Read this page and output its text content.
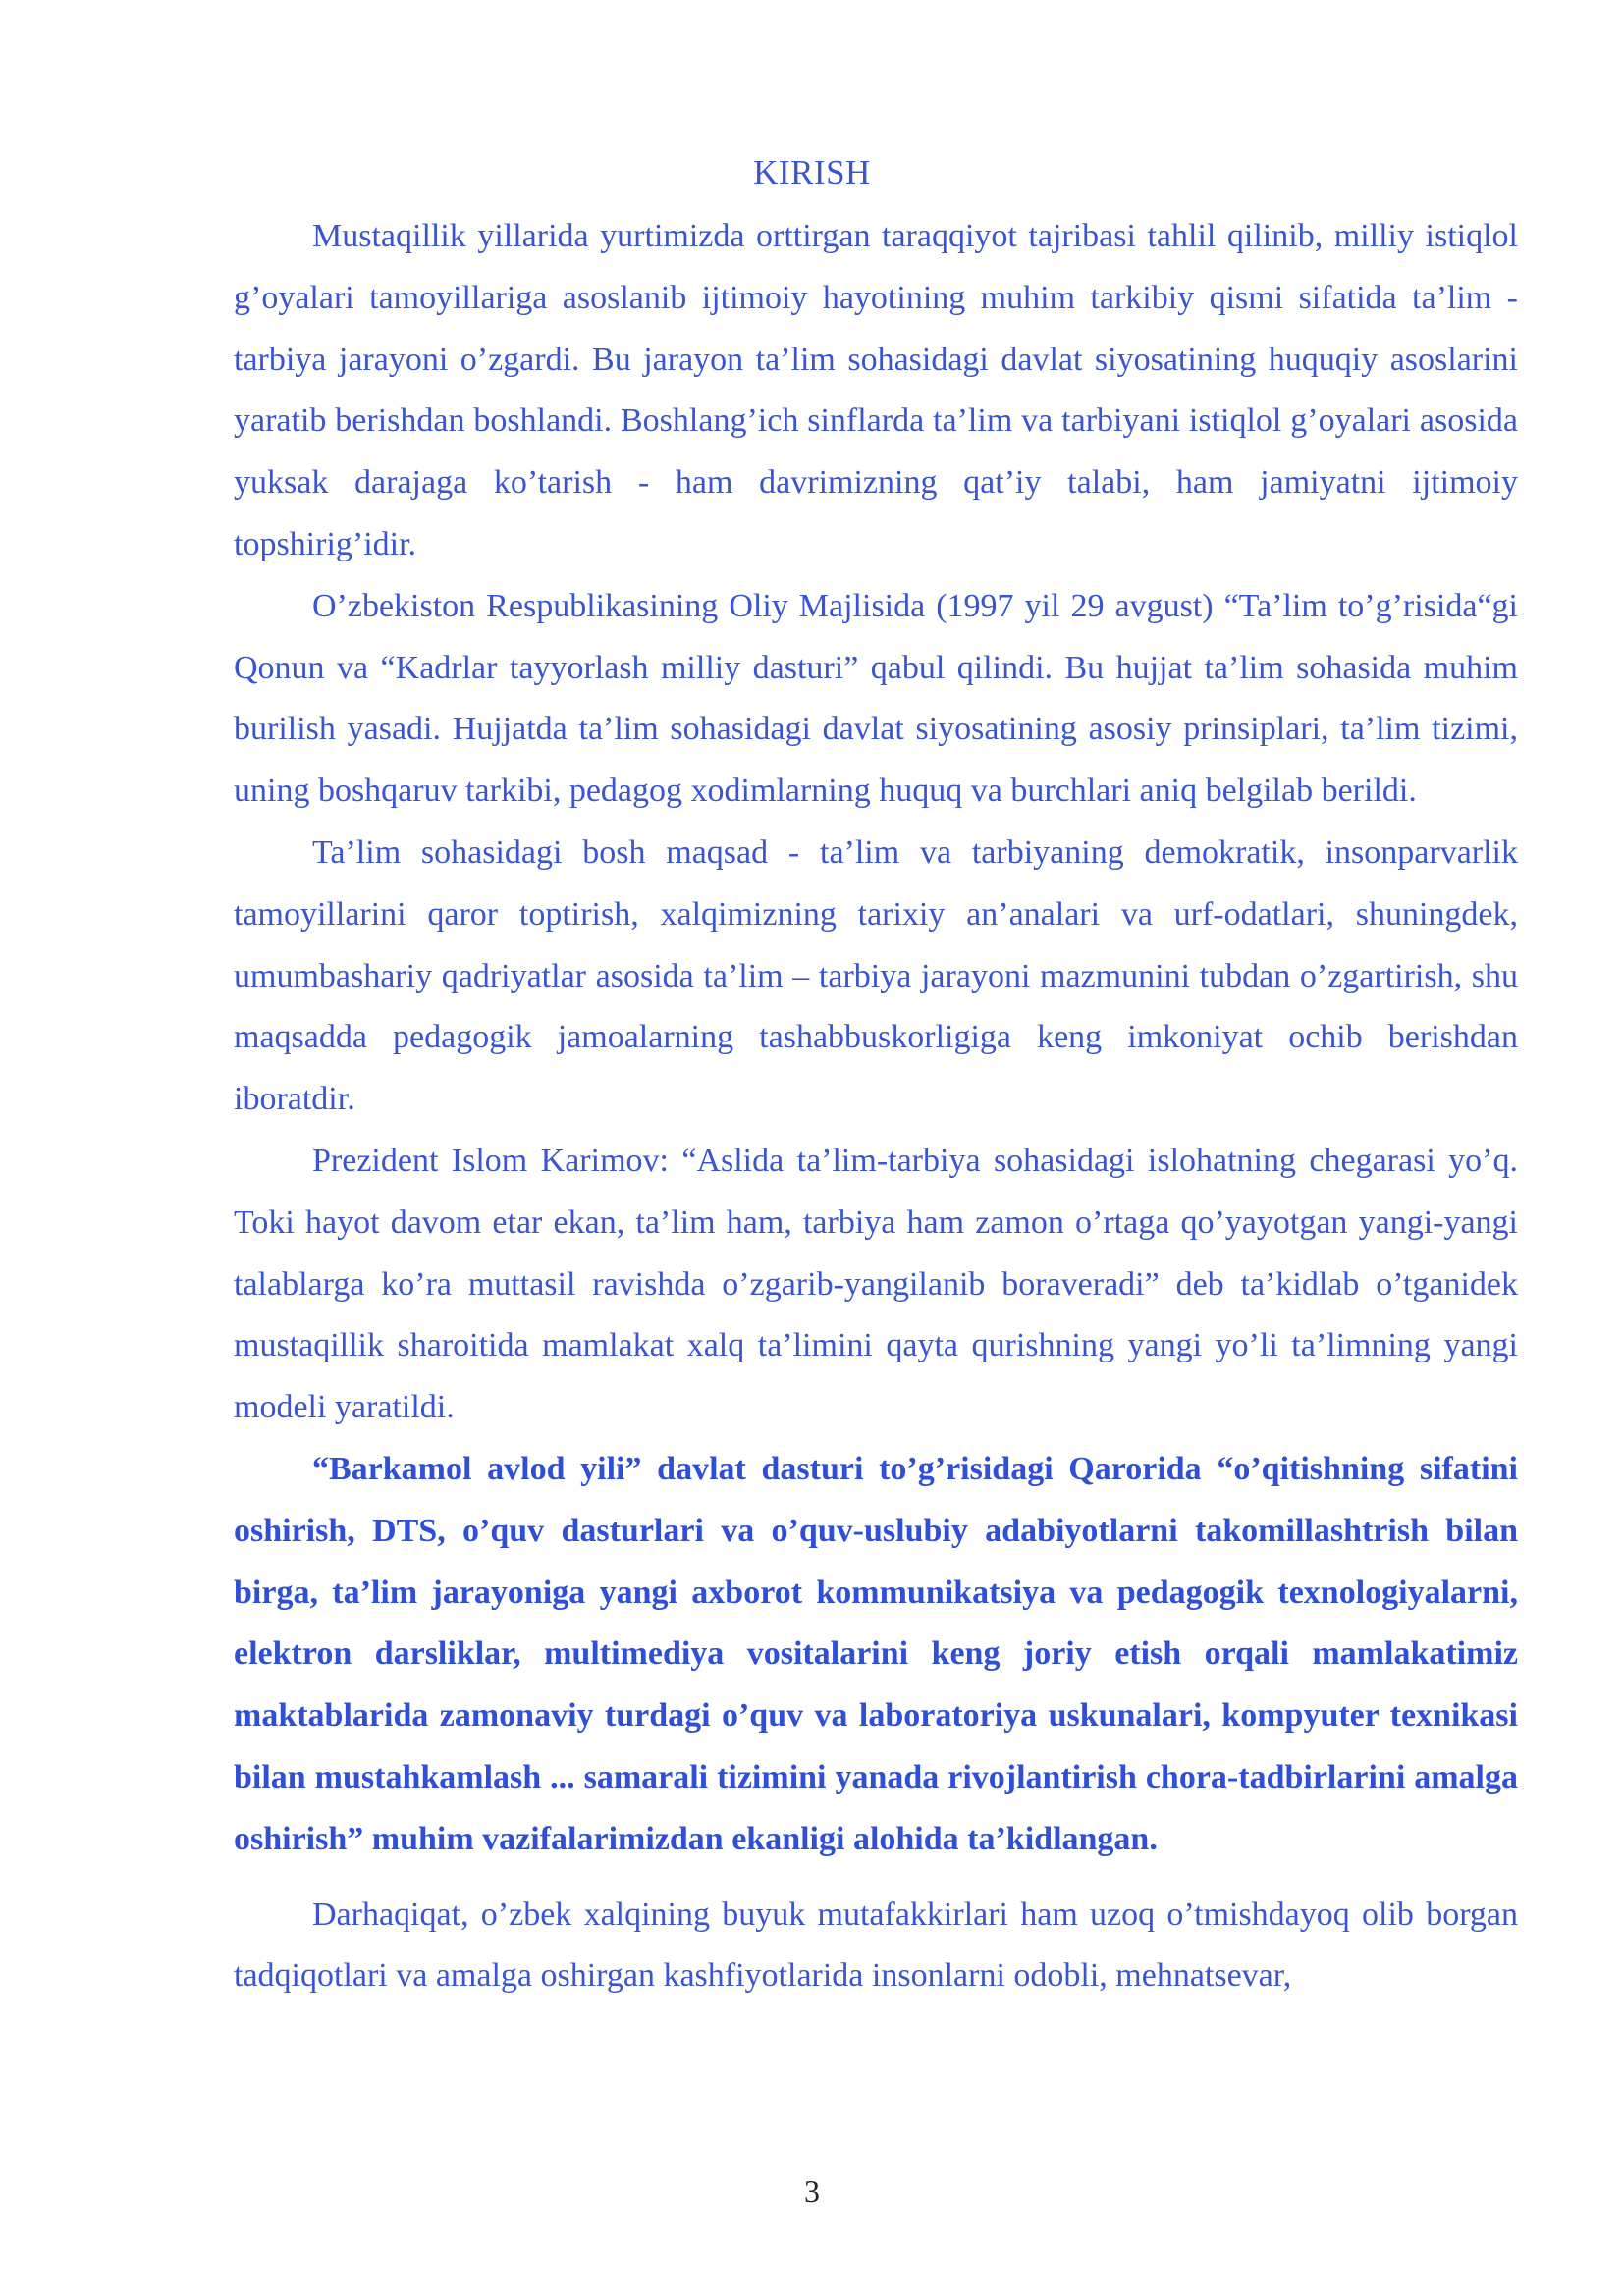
KIRISH

Mustaqillik yillarida yurtimizda orttirgan taraqqiyot tajribasi tahlil qilinib, milliy istiqlol g’oyalari tamoyillariga asoslanib ijtimoiy hayotining muhim tarkibiy qismi sifatida ta’lim - tarbiya jarayoni o’zgardi. Bu jarayon ta’lim sohasidagi davlat siyosatining huquqiy asoslarini yaratib berishdan boshlandi. Boshlang’ich sinflarda ta’lim va tarbiyani istiqlol g’oyalari asosida yuksak darajaga ko’tarish - ham davrimizning qat’iy talabi, ham jamiyatni ijtimoiy topshirig’idir.

O’zbekiston Respublikasining Oliy Majlisida (1997 yil 29 avgust) “Ta’lim to’g’risida“gi Qonun va “Kadrlar tayyorlash milliy dasturi” qabul qilindi. Bu hujjat ta’lim sohasida muhim burilish yasadi. Hujjatda ta’lim sohasidagi davlat siyosatining asosiy prinsiplari, ta’lim tizimi, uning boshqaruv tarkibi, pedagog xodimlarning huquq va burchlari aniq belgilab berildi.

Ta’lim sohasidagi bosh maqsad - ta’lim va tarbiyaning demokratik, insonparvarlik tamoyillarini qaror toptirish, xalqimizning tarixiy an’analari va urf-odatlari, shuningdek, umumbashariy qadriyatlar asosida ta’lim – tarbiya jarayoni mazmunini tubdan o’zgartirish, shu maqsadda pedagogik jamoalarning tashabbuskorligiga keng imkoniyat ochib berishdan iboratdir.

Prezident Islom Karimov: “Aslida ta’lim-tarbiya sohasidagi islohatning chegarasi yo’q. Toki hayot davom etar ekan, ta’lim ham, tarbiya ham zamon o’rtaga qo’yayotgan yangi-yangi talablarga ko’ra muttasil ravishda o’zgarib-yangilanib boraveradi” deb ta’kidlab o’tganidek mustaqillik sharoitida mamlakat xalq ta’limini qayta qurishning yangi yo’li ta’limning yangi modeli yaratildi.

“Barkamol avlod yili” davlat dasturi to’g’risidagi Qarorida “o’qitishning sifatini oshirish, DTS, o’quv dasturlari va o’quv-uslubiy adabiyotlarni takomillashtrish bilan birga, ta’lim jarayoniga yangi axborot kommunikatsiya va pedagogik texnologiyalarni, elektron darsliklar, multimediya vositalarini keng joriy etish orqali mamlakatimiz maktablarida zamonaviy turdagi o’quv va laboratoriya uskunalari, kompyuter texnikasi bilan mustahkamlash ... samarali tizimini yanada rivojlantirish chora-tadbirlarini amalga oshirish” muhim vazifalarimizdan ekanligi alohida ta’kidlangan.

Darhaqiqat, o’zbek xalqining buyuk mutafakkirlari ham uzoq o’tmishdayoq olib borgan tadqiqotlari va amalga oshirgan kashfiyotlarida insonlarni odobli, mehnatsevar,

3
